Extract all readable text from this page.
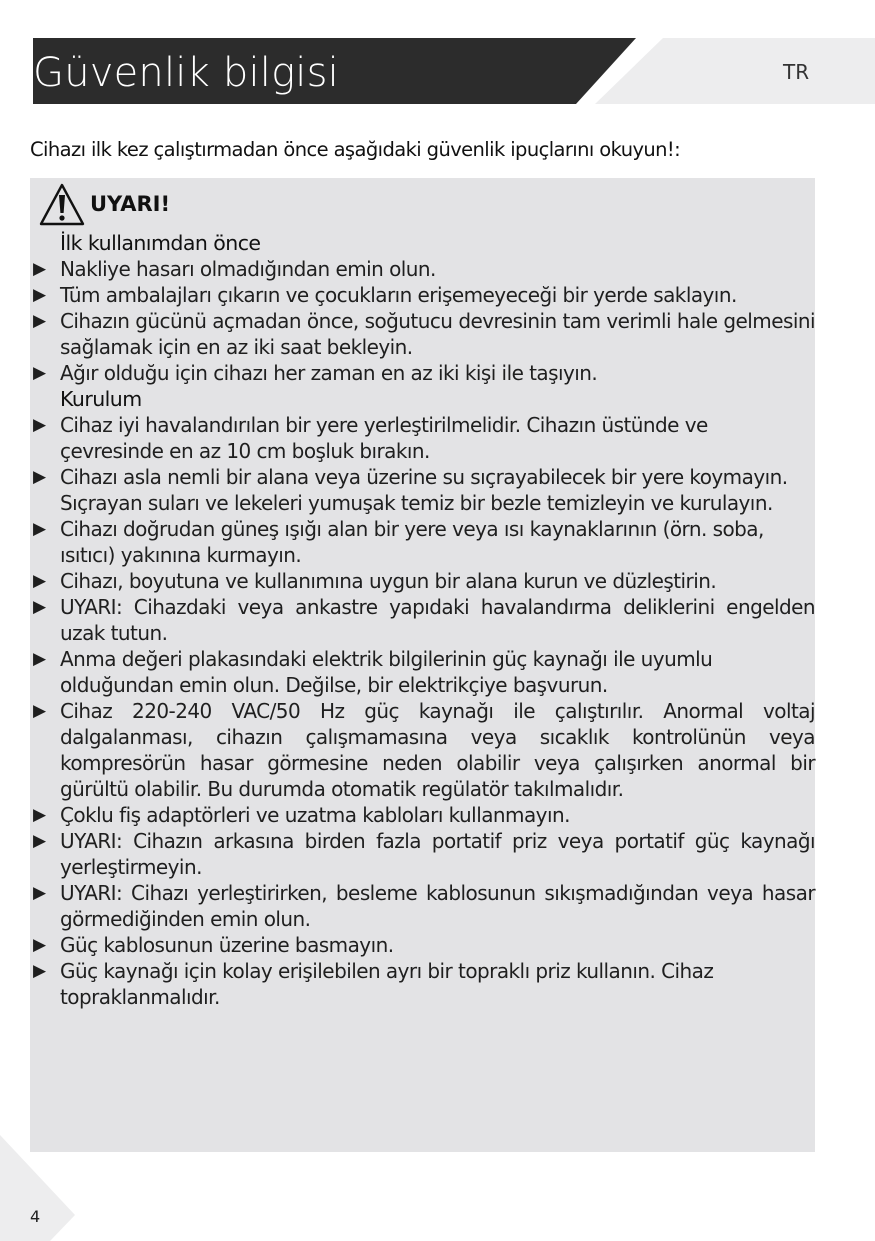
Güvenlik bilgisi	TR
Cihazı ilk kez çalıştırmadan önce aşağıdaki güvenlik ipuçlarını okuyun!:
UYARI!

İlk kullanımdan önce

▶ Nakliye hasarı olmadığından emin olun.

▶ Tüm ambalajları çıkarın ve çocukların erişemeyeceği bir yerde saklayın.

▶ Cihazın gücünü açmadan önce, soğutucu devresinin tam verimli hale gelmesini sağlamak için en az iki saat bekleyin.

▶ Ağır olduğu için cihazı her zaman en az iki kişi ile taşıyın.

Kurulum

▶ Cihaz iyi havalandırılan bir yere yerleştirilmelidir. Cihazın üstünde ve çevresinde en az 10 cm boşluk bırakın.

▶ Cihazı asla nemli bir alana veya üzerine su sıçrayabilecek bir yere koymayın. Sıçrayan suları ve lekeleri yumuşak temiz bir bezle temizleyin ve kurulayın.

▶ Cihazı doğrudan güneş ışığı alan bir yere veya ısı kaynaklarının (örn. soba, ısıtıcı) yakınına kurmayın.

▶ Cihazı, boyutuna ve kullanımına uygun bir alana kurun ve düzleştirin.

▶ UYARI: Cihazdaki veya ankastre yapıdaki havalandırma deliklerini engelden uzak tutun.

▶ Anma değeri plakasındaki elektrik bilgilerinin güç kaynağı ile uyumlu olduğundan emin olun. Değilse, bir elektrikçiye başvurun.

▶ Cihaz 220-240 VAC/50 Hz güç kaynağı ile çalıştırılır. Anormal voltaj dalgalanması, cihazın çalışmamasına veya sıcaklık kontrolünün veya kompresörün hasar görmesine neden olabilir veya çalışırken anormal bir gürültü olabilir. Bu durumda otomatik regülatör takılmalıdır.

▶ Çoklu fiş adaptörleri ve uzatma kabloları kullanmayın.

▶ UYARI: Cihazın arkasına birden fazla portatif priz veya portatif güç kaynağı yerleştirmeyin.

▶ UYARI: Cihazı yerleştirirken, besleme kablosunun sıkışmadığından veya hasar görmediğinden emin olun.

▶ Güç kablosunun üzerine basmayın.

▶ Güç kaynağı için kolay erişilebilen ayrı bir topraklı priz kullanın. Cihaz topraklanmalıdır.

4
